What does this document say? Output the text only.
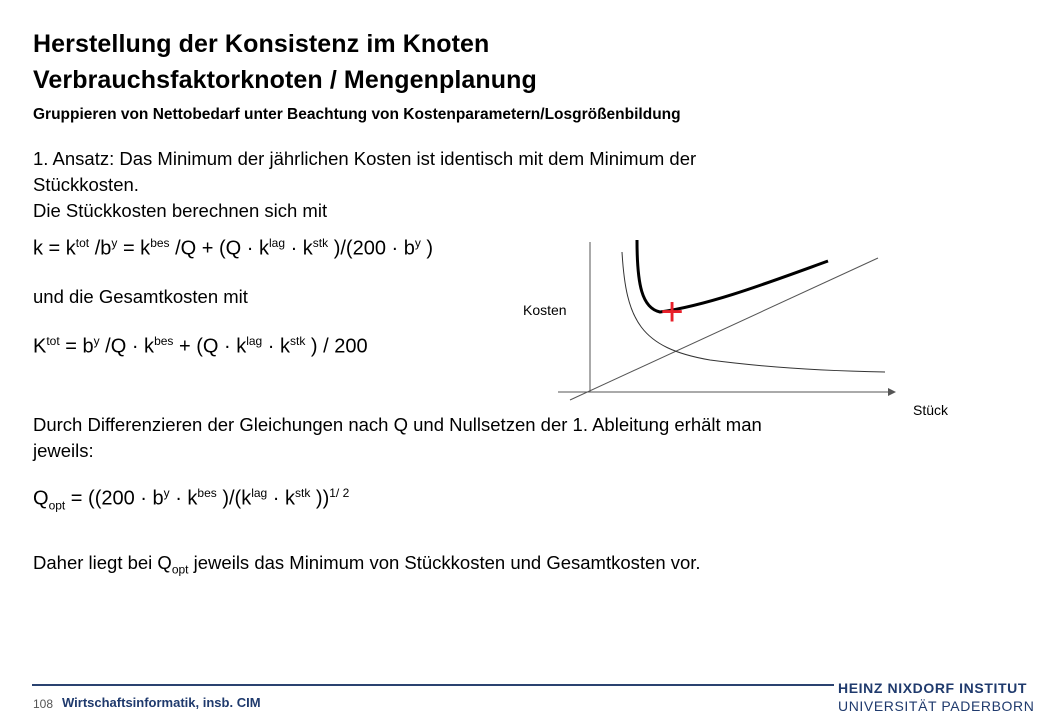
Herstellung der Konsistenz im Knoten
Verbrauchsfaktorknoten / Mengenplanung
Gruppieren von Nettobedarf unter Beachtung von Kostenparametern/Losgrößenbildung
1. Ansatz: Das Minimum der jährlichen Kosten ist identisch mit dem Minimum der
Stückkosten.
Die Stückkosten berechnen sich mit
$k = k^{tot}$ $/b^y = k^{bes}$ $/Q + (Q \cdot k^{lag} \cdot k^{stk}$ )$/(200 \cdot b^y$ )
und die Gesamtkosten mit
$K^{tot} = b^y$ $/Q \cdot k^{bes} + (Q \cdot k^{lag} \cdot k^{stk}$ ) / 200
Kosten
Stück
+
Durch Differenzieren der Gleichungen nach Q und Nullsetzen der 1. Ableitung erhält man
jeweils:
$Q_{opt} = ((200 \cdot b^y \cdot k^{bes}$ )$/(k^{lag} \cdot k^{stk}$ ))$^{1/ 2}$
Daher liegt bei $Q_{opt}$ jeweils das Minimum von Stückkosten und Gesamtkosten vor.
108 Wirtschaftsinformatik, insb. CIM
HEINZ NIXDORF INSTITUT
UNIVERSITÄT PADERBORN
